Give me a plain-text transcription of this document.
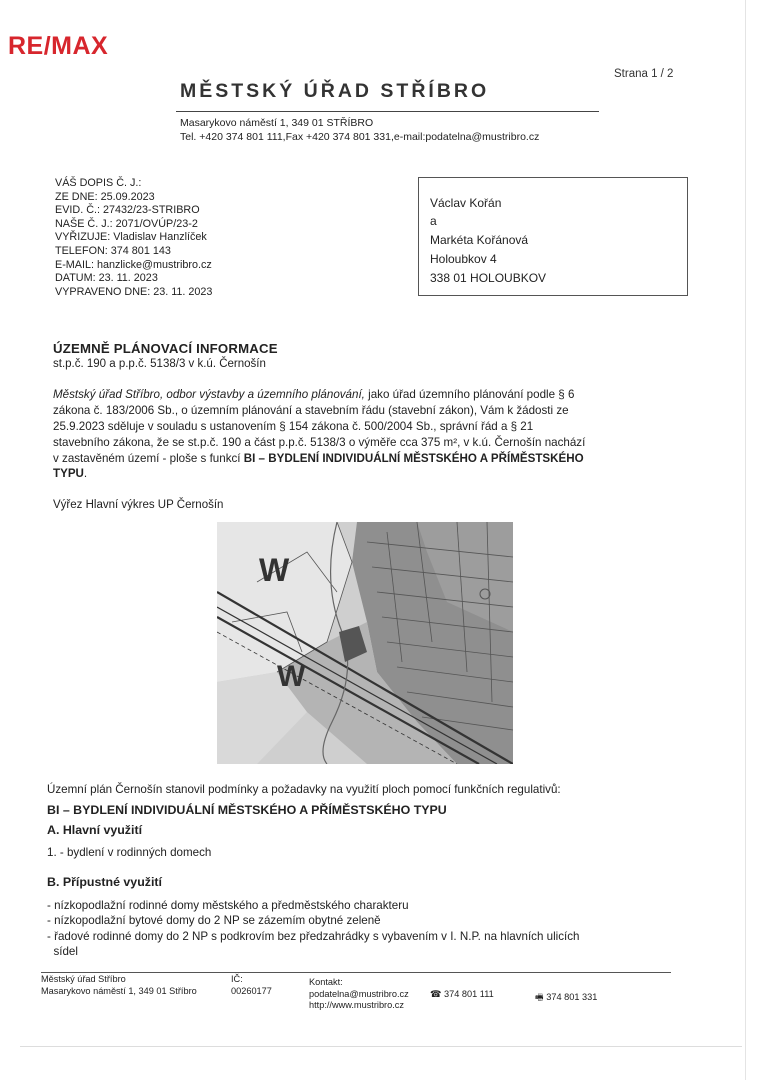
RE/MAX
Strana 1 / 2
MĚSTSKÝ ÚŘAD STŘÍBRO
Masarykovo náměstí 1, 349 01 STŘÍBRO
Tel. +420 374 801 111,Fax +420 374 801 331,e-mail:podatelna@mustribro.cz
VÁŠ DOPIS Č. J.:
ZE DNE: 25.09.2023
EVID. Č.: 27432/23-STRIBRO
NAŠE Č. J.: 2071/OVÚP/23-2
VYŘIZUJE: Vladislav Hanzlíček
TELEFON: 374 801 143
E-MAIL: hanzlicke@mustribro.cz
DATUM: 23. 11. 2023
VYPRAVENO DNE: 23. 11. 2023
Václav Kořán
a
Markéta Kořánová
Holoubkov 4
338 01 HOLOUBKOV
ÚZEMNĚ PLÁNOVACÍ INFORMACE
st.p.č. 190 a p.p.č. 5138/3 v k.ú. Černošín
Městský úřad Stříbro, odbor výstavby a územního plánování, jako úřad územního plánování podle § 6
zákona č. 183/2006 Sb., o územním plánování a stavebním řádu (stavební zákon), Vám k žádosti ze
25.9.2023 sděluje v souladu s ustanovením § 154 zákona č. 500/2004 Sb., správní řád a § 21
stavebního zákona, že se st.p.č. 190 a část p.p.č. 5138/3 o výměře cca 375 m², v k.ú. Černošín nachází
v zastavěném území - ploše s funkcí BI – BYDLENÍ INDIVIDUÁLNÍ MĚSTSKÉHO A PŘÍMĚSTSKÉHO
TYPU.
Výřez Hlavní výkres UP Černošín
W
W
Územní plán Černošín stanovil podmínky a požadavky na využití ploch pomocí funkčních regulativů:
BI – BYDLENÍ INDIVIDUÁLNÍ MĚSTSKÉHO A PŘÍMĚSTSKÉHO TYPU
A. Hlavní využití
1. - bydlení v rodinných domech
B. Přípustné využití
- nízkopodlažní rodinné domy městského a předměstského charakteru
- nízkopodlažní bytové domy do 2 NP se zázemím obytné zeleně
- řadové rodinné domy do 2 NP s podkrovím bez předzahrádky s vybavením v I. N.P. na hlavních ulicích
sídel
Městský úřad Stříbro
Masarykovo náměstí 1, 349 01 Stříbro
IČ:
00260177
Kontakt:
podatelna@mustribro.cz
http://www.mustribro.cz
☎ 374 801 111	🖷 374 801 331
